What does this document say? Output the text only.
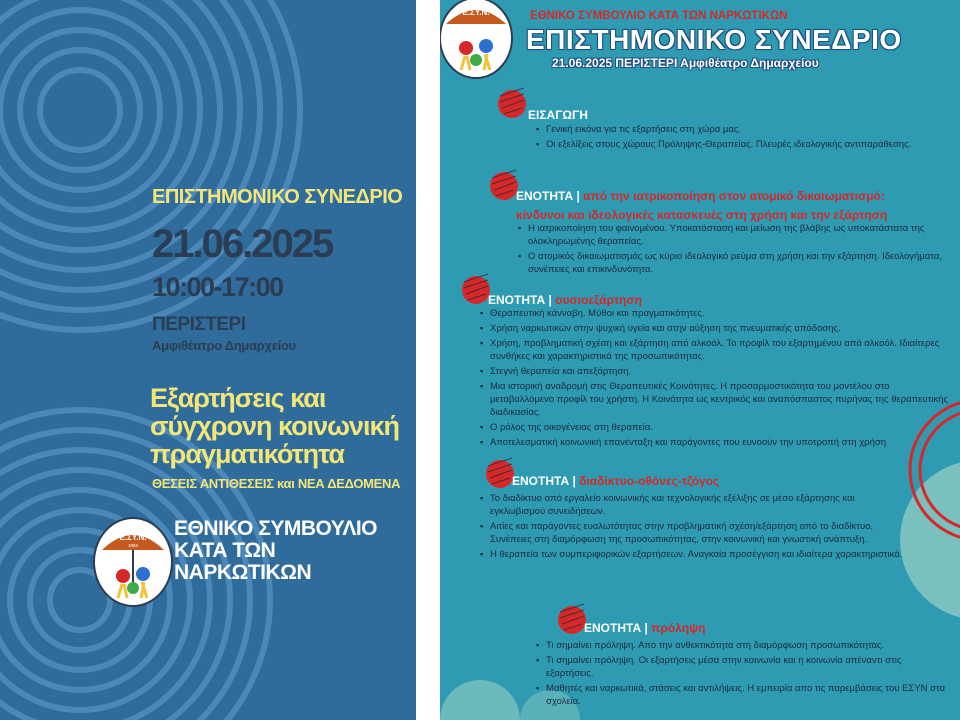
ΕΠΙΣΤΗΜΟΝΙΚΟ ΣΥΝΕΔΡΙΟ
21.06.2025
10:00-17:00
ΠΕΡΙΣΤΕΡΙ
Αμφιθέατρο Δημαρχείου
Εξαρτήσεις και σύγχρονη κοινωνική πραγματικότητα
ΘΕΣΕΙΣ ΑΝΤΙΘΕΣΕΙΣ και ΝΕΑ ΔΕΔΟΜΕΝΑ
Ε.ΣΥ.Ν.
1993
ΕΘΝΙΚΟ ΣΥΜΒΟΥΛΙΟ
ΚΑΤΑ ΤΩΝ ΝΑΡΚΩΤΙΚΩΝ
Ε.ΣΥ.Ν.	ΕΘΝΙΚΟ ΣΥΜΒΟΥΛΙΟ ΚΑΤΑ ΤΩΝ ΝΑΡΚΩΤΙΚΩΝ
ΕΠΙΣΤΗΜΟΝΙΚΟ ΣΥΝΕΔΡΙΟ
21.06.2025 ΠΕΡΙΣΤΕΡΙ Αμφιθέατρο Δημαρχείου
ΕΙΣΑΓΩΓΗ
▪ Γενική εικόνα για τις εξαρτήσεις στη χώρα μας.
▪ Οι εξελίξεις στους χώρους Πρόληψης-Θεραπείας. Πλευρές ιδεολογικής αντιπαράθεσης.
ΕΝΟΤΗΤΑ | από την ιατρικοποίηση στον ατομικό δικαιωματισμό:
κίνδυνοι και ιδεολογικές κατασκευές στη χρήση και την εξάρτηση
▪ Η ιατρικοποίηση του φαινομένου. Υποκατάσταση και μείωση της βλάβης ως υποκατάστατα της ολοκληρωμένης θεραπείας.
▪ Ο ατομικός δικαιωματισμός ως κύριο ιδεολογικό ρεύμα στη χρήση και την εξάρτηση. Ιδεολογήματα, συνέπειες και επικινδυνότητα.
ΕΝΟΤΗΤΑ | ουσιοεξάρτηση
▪ Θεραπευτική κάνναβη. Μύθοι και πραγματικότητες.
▪ Χρήση ναρκωτικών στην ψυχική υγεία και στην αύξηση της πνευματικής απόδοσης.
▪ Χρήση, προβληματική σχέση και εξάρτηση από αλκοόλ. Το προφίλ του εξαρτημένου από αλκοόλ. Ιδιαίτερες συνθήκες και χαρακτηριστικά της προσωπικότητας.
▪ Στεγνή θεραπεία και απεξάρτηση.
▪ Μια ιστορική αναδρομή στις Θεραπευτικές Κοινότητες. Η προσαρμοστικότητα του μοντέλου στο μεταβαλλόμενο προφίλ του χρήστη. Η Κοινότητα ως κεντρικός και αναπόσπαστος πυρήνας της θεραπευτικής διαδικασίας.
▪ Ο ρόλος της οικογένειας στη θεραπεία.
▪ Αποτελεσματική κοινωνική επανένταξη και παράγοντες που ευνοούν την υποτροπή στη χρήση
ΕΝΟΤΗΤΑ | διαδίκτυο-οθόνες-τζόγος
▪ Το διαδίκτυο από εργαλείο κοινωνικής και τεχνολογικής εξέλιξης σε μέσο εξάρτησης και εγκλωβισμού συνειδήσεων.
▪ Αιτίες και παράγοντες ευαλωτότητας στην προβληματική σχέση/εξάρτηση από το διαδίκτυο. Συνέπειες στη διαμόρφωση της προσωπικότητας, στην κοινωνική και γνωστική ανάπτυξη.
▪ Η θεραπεία των συμπεριφορικών εξαρτήσεων. Αναγκαία προσέγγιση και ιδιαίτερα χαρακτηριστικά.
ΕΝΟΤΗΤΑ | πρόληψη
▪ Τι σημαίνει πρόληψη. Απο την ανθεκτικότητα στη διαμόρφωση προσωπικότητας.
▪ Τι σημαίνει πρόληψη. Οι εξαρτήσεις μέσα στην κοινωνία και η κοινωνία απέναντι στις εξαρτήσεις.
▪ Μαθητές και ναρκωτικά, στάσεις και αντιλήψεις. Η εμπειρία απο τις παρεμβάσεις του ΕΣΥΝ στα σχολεία.
